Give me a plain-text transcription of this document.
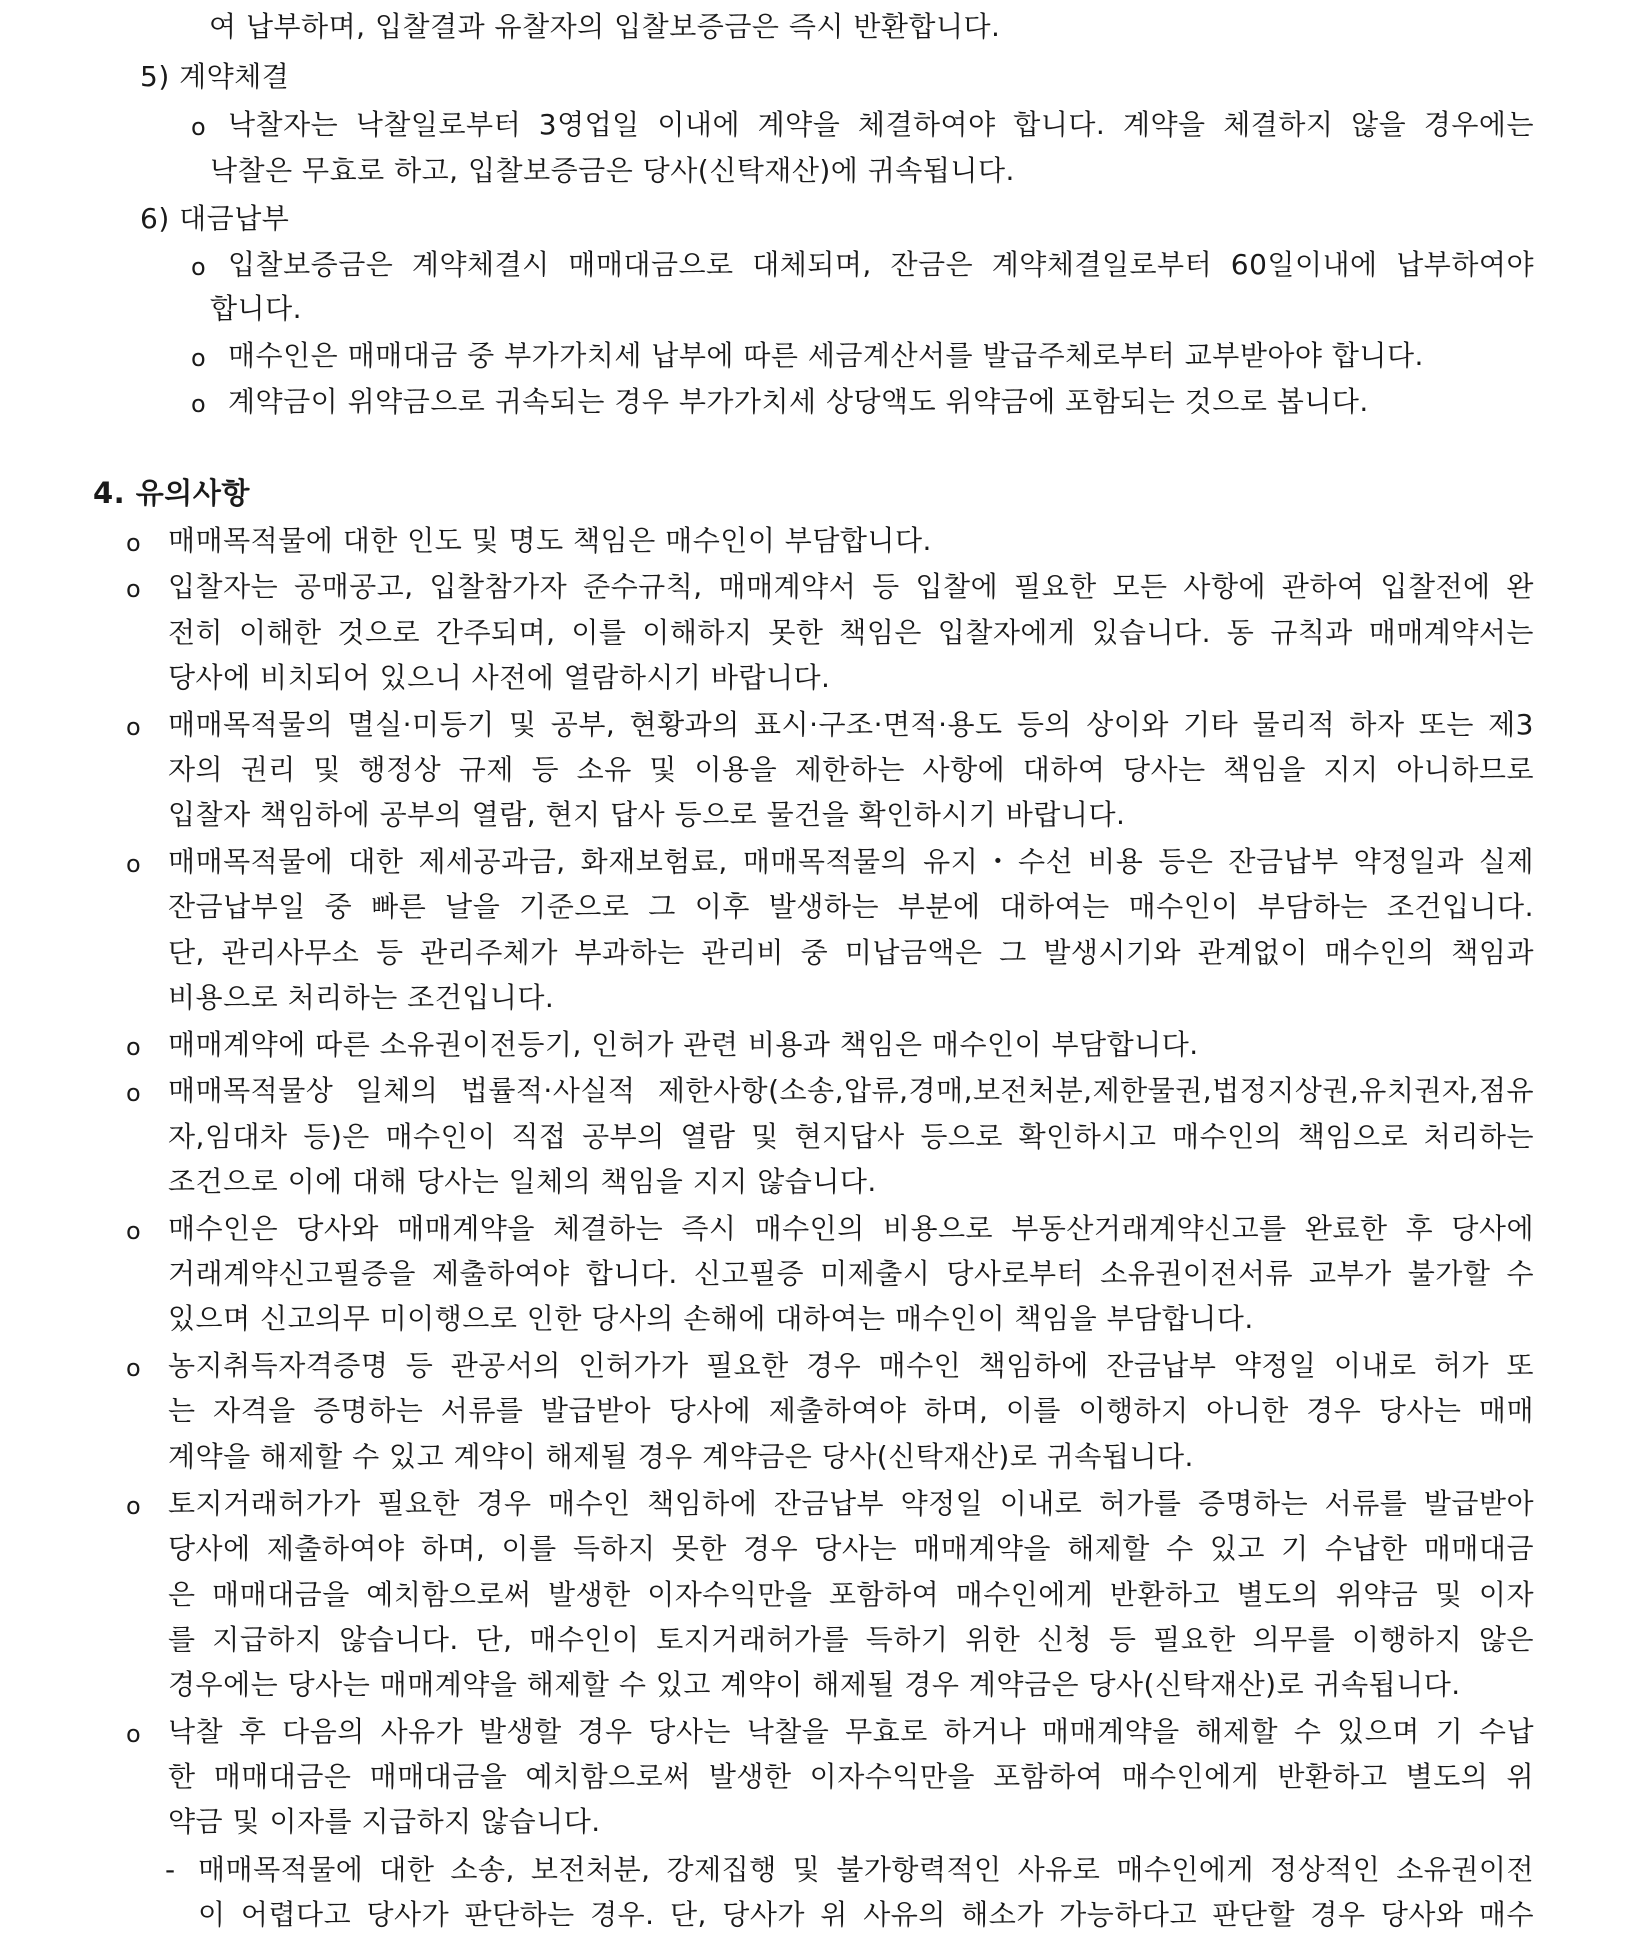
여 납부하며, 입찰결과 유찰자의 입찰보증금은 즉시 반환합니다.
5) 계약체결
o 낙찰자는 낙찰일로부터 3영업일 이내에 계약을 체결하여야 합니다. 계약을 체결하지 않을 경우에는
낙찰은 무효로 하고, 입찰보증금은 당사(신탁재산)에 귀속됩니다.
6) 대금납부
o 입찰보증금은 계약체결시 매매대금으로 대체되며, 잔금은 계약체결일로부터 60일이내에 납부하여야
합니다.
o 매수인은 매매대금 중 부가가치세 납부에 따른 세금계산서를 발급주체로부터 교부받아야 합니다.
o 계약금이 위약금으로 귀속되는 경우 부가가치세 상당액도 위약금에 포함되는 것으로 봅니다.
4. 유의사항
o 매매목적물에 대한 인도 및 명도 책임은 매수인이 부담합니다.
o 입찰자는 공매공고, 입찰참가자 준수규칙, 매매계약서 등 입찰에 필요한 모든 사항에 관하여 입찰전에 완
전히 이해한 것으로 간주되며, 이를 이해하지 못한 책임은 입찰자에게 있습니다. 동 규칙과 매매계약서는
당사에 비치되어 있으니 사전에 열람하시기 바랍니다.
o 매매목적물의 멸실·미등기 및 공부, 현황과의 표시·구조·면적·용도 등의 상이와 기타 물리적 하자 또는 제3
자의 권리 및 행정상 규제 등 소유 및 이용을 제한하는 사항에 대하여 당사는 책임을 지지 아니하므로
입찰자 책임하에 공부의 열람, 현지 답사 등으로 물건을 확인하시기 바랍니다.
o 매매목적물에 대한 제세공과금, 화재보험료, 매매목적물의 유지・수선 비용 등은 잔금납부 약정일과 실제
잔금납부일 중 빠른 날을 기준으로 그 이후 발생하는 부분에 대하여는 매수인이 부담하는 조건입니다.
단, 관리사무소 등 관리주체가 부과하는 관리비 중 미납금액은 그 발생시기와 관계없이 매수인의 책임과
비용으로 처리하는 조건입니다.
o 매매계약에 따른 소유권이전등기, 인허가 관련 비용과 책임은 매수인이 부담합니다.
o 매매목적물상 일체의 법률적·사실적 제한사항(소송,압류,경매,보전처분,제한물권,법정지상권,유치권자,점유
자,임대차 등)은 매수인이 직접 공부의 열람 및 현지답사 등으로 확인하시고 매수인의 책임으로 처리하는
조건으로 이에 대해 당사는 일체의 책임을 지지 않습니다.
o 매수인은 당사와 매매계약을 체결하는 즉시 매수인의 비용으로 부동산거래계약신고를 완료한 후 당사에
거래계약신고필증을 제출하여야 합니다. 신고필증 미제출시 당사로부터 소유권이전서류 교부가 불가할 수
있으며 신고의무 미이행으로 인한 당사의 손해에 대하여는 매수인이 책임을 부담합니다.
o 농지취득자격증명 등 관공서의 인허가가 필요한 경우 매수인 책임하에 잔금납부 약정일 이내로 허가 또
는 자격을 증명하는 서류를 발급받아 당사에 제출하여야 하며, 이를 이행하지 아니한 경우 당사는 매매
계약을 해제할 수 있고 계약이 해제될 경우 계약금은 당사(신탁재산)로 귀속됩니다.
o 토지거래허가가 필요한 경우 매수인 책임하에 잔금납부 약정일 이내로 허가를 증명하는 서류를 발급받아
당사에 제출하여야 하며, 이를 득하지 못한 경우 당사는 매매계약을 해제할 수 있고 기 수납한 매매대금
은 매매대금을 예치함으로써 발생한 이자수익만을 포함하여 매수인에게 반환하고 별도의 위약금 및 이자
를 지급하지 않습니다. 단, 매수인이 토지거래허가를 득하기 위한 신청 등 필요한 의무를 이행하지 않은
경우에는 당사는 매매계약을 해제할 수 있고 계약이 해제될 경우 계약금은 당사(신탁재산)로 귀속됩니다.
o 낙찰 후 다음의 사유가 발생할 경우 당사는 낙찰을 무효로 하거나 매매계약을 해제할 수 있으며 기 수납
한 매매대금은 매매대금을 예치함으로써 발생한 이자수익만을 포함하여 매수인에게 반환하고 별도의 위
약금 및 이자를 지급하지 않습니다.
- 매매목적물에 대한 소송, 보전처분, 강제집행 및 불가항력적인 사유로 매수인에게 정상적인 소유권이전
이 어렵다고 당사가 판단하는 경우. 단, 당사가 위 사유의 해소가 가능하다고 판단할 경우 당사와 매수
